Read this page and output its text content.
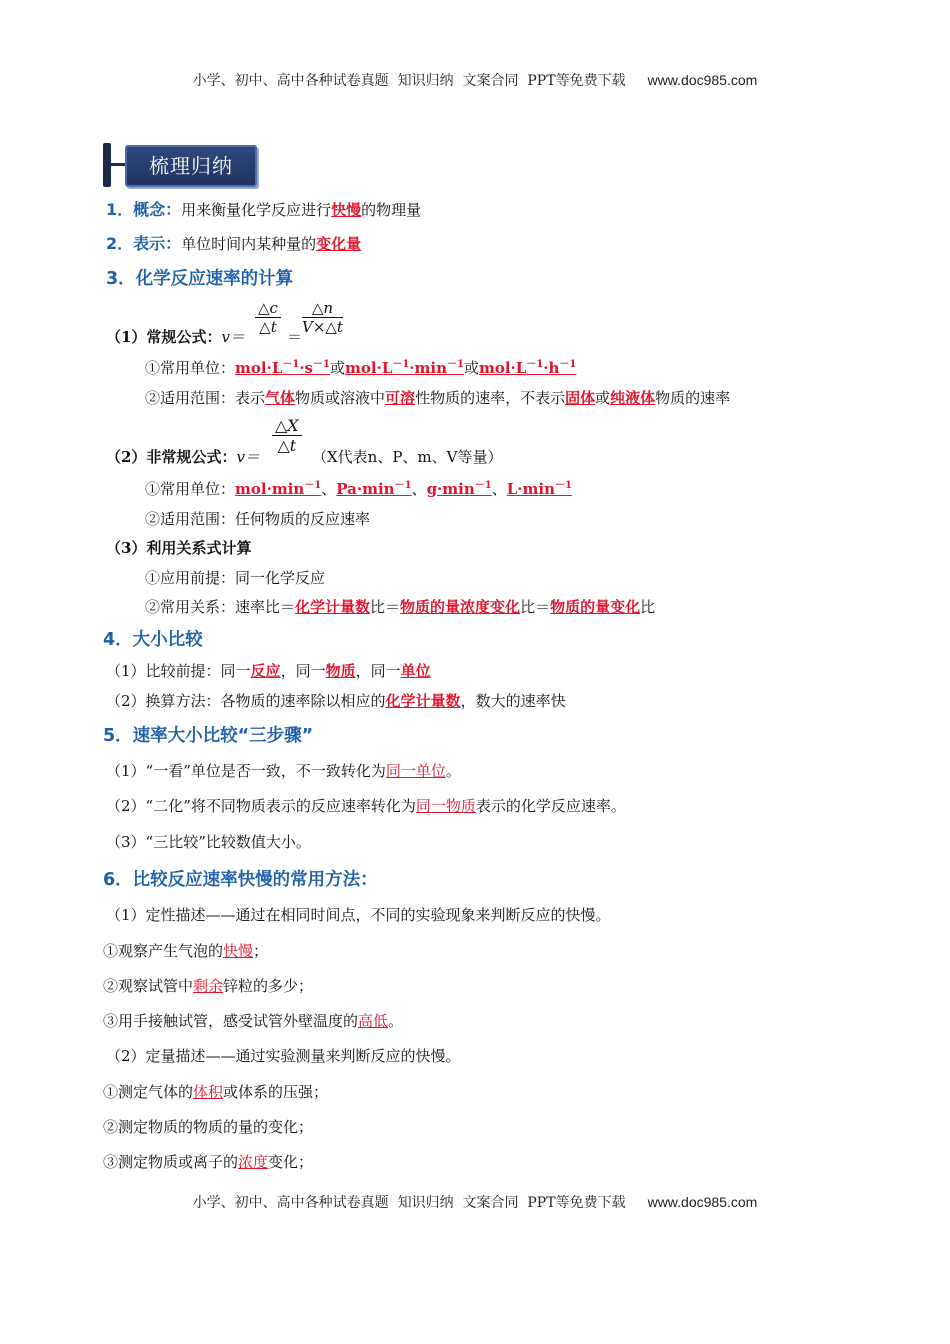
小学、初中、高中各种试卷真题  知识归纳  文案合同  PPT等免费下载 www.doc985.com
梳理归纳
1．概念：用来衡量化学反应进行快慢的物理量
2．表示：单位时间内某种量的变化量
3．化学反应速率的计算
（1）常规公式：v＝
$\frac{\triangle c}{\triangle t}$
＝
$\frac{\triangle n}{V\times\triangle t}$
①常用单位：$mol\cdot L^{-1}\cdot s^{-1}$或$mol\cdot L^{-1}\cdot\min^{-1}$或$mol\cdot L^{-1}\cdot h^{-1}$
②适用范围：表示气体物质或溶液中可溶性物质的速率，不表示固体或纯液体物质的速率
（2）非常规公式：v＝
$\frac{\triangle X}{\triangle t}$
（X代表n、P、m、V等量）
①常用单位：$mol\cdot\min^{-1}$、$Pa\cdot\min^{-1}$、$g\cdot\min^{-1}$、$L\cdot\min^{-1}$
②适用范围：任何物质的反应速率
（3）利用关系式计算
①应用前提：同一化学反应
②常用关系：速率比＝化学计量数比＝物质的量浓度变化比＝物质的量变化比
4．大小比较
（1）比较前提：同一反应，同一物质，同一单位
（2）换算方法：各物质的速率除以相应的化学计量数，数大的速率快
5．速率大小比较“三步骤”
（1）“一看”单位是否一致，不一致转化为同一单位。
（2）“二化”将不同物质表示的反应速率转化为同一物质表示的化学反应速率。
（3）“三比较”比较数值大小。
6．比较反应速率快慢的常用方法：
（1）定性描述——通过在相同时间点，不同的实验现象来判断反应的快慢。
①观察产生气泡的快慢；
②观察试管中剩余锌粒的多少；
③用手接触试管，感受试管外壁温度的高低。
（2）定量描述——通过实验测量来判断反应的快慢。
①测定气体的体积或体系的压强；
②测定物质的物质的量的变化；
③测定物质或离子的浓度变化；
小学、初中、高中各种试卷真题  知识归纳  文案合同  PPT等免费下载 www.doc985.com
